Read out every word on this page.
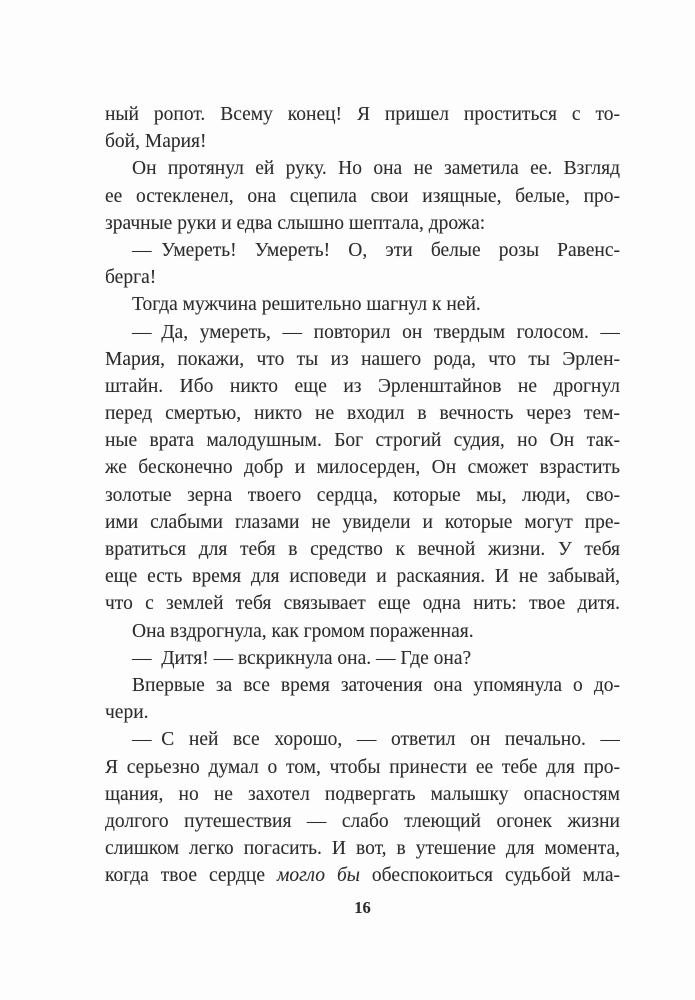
ный ропот. Всему конец! Я пришел проститься с то-
бой, Мария!
Он протянул ей руку. Но она не заметила ее. Взгляд
ее остекленел, она сцепила свои изящные, белые, про-
зрачные руки и едва слышно шептала, дрожа:
— Умереть! Умереть! О, эти белые розы Равенс-
берга!
Тогда мужчина решительно шагнул к ней.
— Да, умереть, — повторил он твердым голосом. —
Мария, покажи, что ты из нашего рода, что ты Эрлен-
штайн. Ибо никто еще из Эрленштайнов не дрогнул
перед смертью, никто не входил в вечность через тем-
ные врата малодушным. Бог строгий судия, но Он так-
же бесконечно добр и милосерден, Он сможет взрастить
золотые зерна твоего сердца, которые мы, люди, сво-
ими слабыми глазами не увидели и которые могут пре-
вратиться для тебя в средство к вечной жизни. У тебя
еще есть время для исповеди и раскаяния. И не забывай,
что с землей тебя связывает еще одна нить: твое дитя.
Она вздрогнула, как громом пораженная.
— Дитя! — вскрикнула она. — Где она?
Впервые за все время заточения она упомянула о до-
чери.
— С ней все хорошо, — ответил он печально. —
Я серьезно думал о том, чтобы принести ее тебе для про-
щания, но не захотел подвергать малышку опасностям
долгого путешествия — слабо тлеющий огонек жизни
слишком легко погасить. И вот, в утешение для момента,
когда твое сердце могло бы обеспокоиться судьбой мла-
16
